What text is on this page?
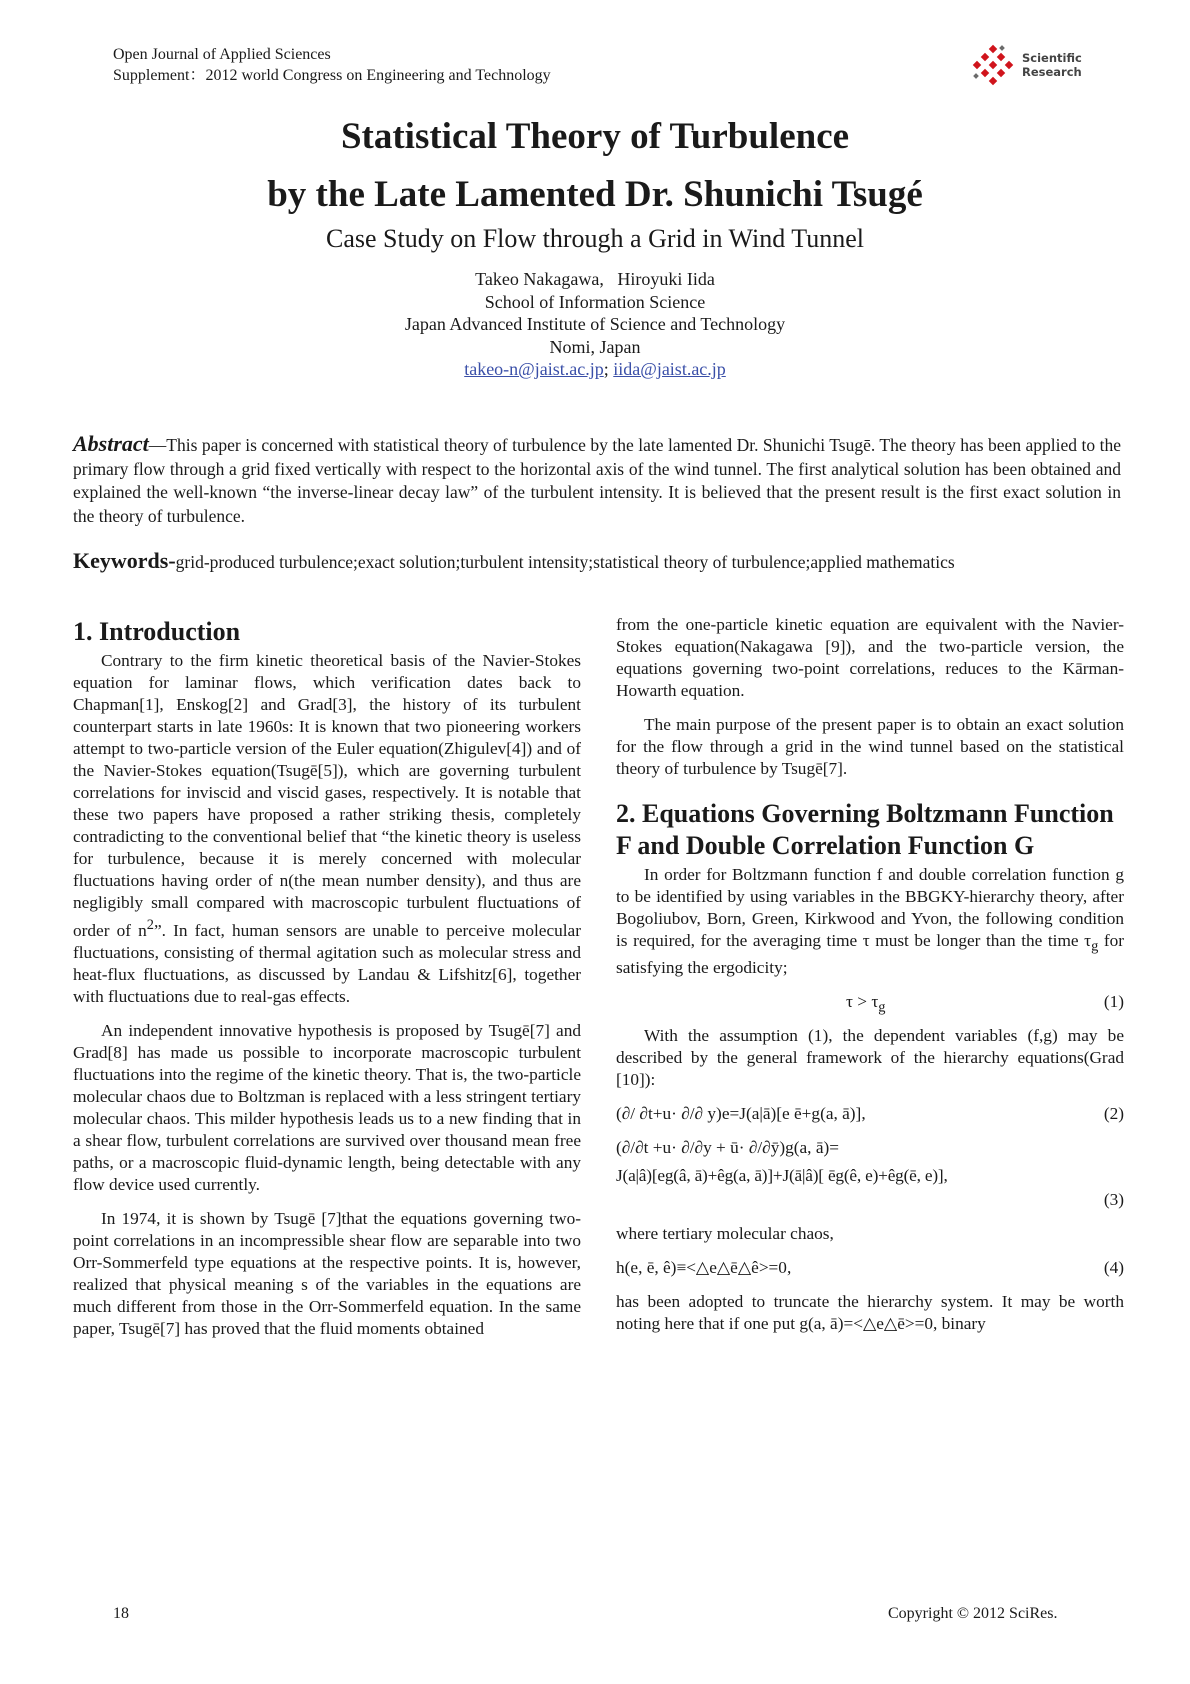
Open Journal of Applied Sciences
Supplement：2012 world Congress on Engineering and Technology
Scientific
Research
Statistical Theory of Turbulence
by the Late Lamented Dr. Shunichi Tsugé
Case Study on Flow through a Grid in Wind Tunnel
Takeo Nakagawa,   Hiroyuki Iida
School of Information Science
Japan Advanced Institute of Science and Technology
Nomi, Japan
takeo-n@jaist.ac.jp; iida@jaist.ac.jp
Abstract—This paper is concerned with statistical theory of turbulence by the late lamented Dr. Shunichi Tsugē. The theory has been applied to the primary flow through a grid fixed vertically with respect to the horizontal axis of the wind tunnel. The first analytical solution has been obtained and explained the well-known “the inverse-linear decay law” of the turbulent intensity. It is believed that the present result is the first exact solution in the theory of turbulence.
Keywords-grid-produced turbulence;exact solution;turbulent intensity;statistical theory of turbulence;applied mathematics
1. Introduction

Contrary to the firm kinetic theoretical basis of the Navier-Stokes equation for laminar flows, which verification dates back to Chapman[1], Enskog[2] and Grad[3], the history of its turbulent counterpart starts in late 1960s: It is known that two pioneering workers attempt to two-particle version of the Euler equation(Zhigulev[4]) and of the Navier-Stokes equation(Tsugē[5]), which are governing turbulent correlations for inviscid and viscid gases, respectively. It is notable that these two papers have proposed a rather striking thesis, completely contradicting to the conventional belief that “the kinetic theory is useless for turbulence, because it is merely concerned with molecular fluctuations having order of n(the mean number density), and thus are negligibly small compared with macroscopic turbulent fluctuations of order of $n^2$”. In fact, human sensors are unable to perceive molecular fluctuations, consisting of thermal agitation such as molecular stress and heat-flux fluctuations, as discussed by Landau & Lifshitz[6], together with fluctuations due to real-gas effects.

An independent innovative hypothesis is proposed by Tsugē[7] and Grad[8] has made us possible to incorporate macroscopic turbulent fluctuations into the regime of the kinetic theory. That is, the two-particle molecular chaos due to Boltzman is replaced with a less stringent tertiary molecular chaos. This milder hypothesis leads us to a new finding that in a shear flow, turbulent correlations are survived over thousand mean free paths, or a macroscopic fluid-dynamic length, being detectable with any flow device used currently.

In 1974, it is shown by Tsugē [7]that the equations governing two-point correlations in an incompressible shear flow are separable into two Orr-Sommerfeld type equations at the respective points. It is, however, realized that physical meaning s of the variables in the equations are much different from those in the Orr-Sommerfeld equation. In the same paper, Tsugē[7] has proved that the fluid moments obtained

from the one-particle kinetic equation are equivalent with the Navier-Stokes equation(Nakagawa [9]), and the two-particle version, the equations governing two-point correlations, reduces to the Kārman-Howarth equation.

The main purpose of the present paper is to obtain an exact solution for the flow through a grid in the wind tunnel based on the statistical theory of turbulence by Tsugē[7].

2. Equations Governing Boltzmann Function F and Double Correlation Function G

In order for Boltzmann function f and double correlation function g to be identified by using variables in the BBGKY-hierarchy theory, after Bogoliubov, Born, Green, Kirkwood and Yvon, the following condition is required, for the averaging time τ must be longer than the time $\tau_g$ for satisfying the ergodicity;

$\tau > \tau_g$	(1)

With the assumption (1), the dependent variables (f,g) may be described by the general framework of the hierarchy equations(Grad [10]):

(∂/ ∂t+u· ∂/∂ y)e=J(a|ā)[e ē+g(a, ā)],	(2)
(∂/∂t +u· ∂/∂y + ū· ∂/∂ȳ)g(a, ā)=
J(a|â)[eg(â, ā)+êg(a, ā)]+J(ā|â)[ ēg(ê, e)+êg(ē, e)],
(3)

where tertiary molecular chaos,

h(e, ē, ê)≡<△e△ē△ê>=0,	(4)

has been adopted to truncate the hierarchy system. It may be worth noting here that if one put g(a, ā)=<△e△ē>=0, binary

18	Copyright © 2012 SciRes.
